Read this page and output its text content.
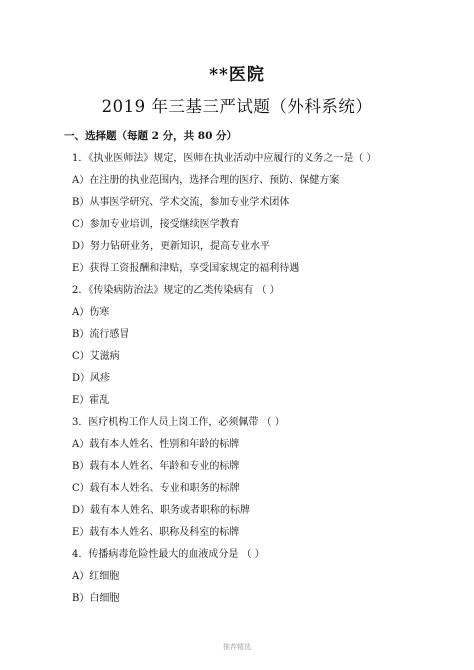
**医院
2019 年三基三严试题（外科系统）
一、选择题（每题 2 分，共 80 分）
1．《执业医师法》规定，医师在执业活动中应履行的义务之一是（ ）
A）在注册的执业范围内，选择合理的医疗、预防、保健方案
B）从事医学研究、学术交流，参加专业学术团体
C）参加专业培训，接受继续医学教育
D）努力钻研业务，更新知识，提高专业水平
E）获得工资报酬和津贴，享受国家规定的福利待遇
2．《传染病防治法》规定的乙类传染病有 （ ）
A）伤寒
B）流行感冒
C）艾滋病
D）风疹
E）霍乱
3．医疗机构工作人员上岗工作，必须佩带 （ ）
A）载有本人姓名、性别和年龄的标牌
B）载有本人姓名、年龄和专业的标牌
C）载有本人姓名、专业和职务的标牌
D）载有本人姓名、职务或者职称的标牌
E）载有本人姓名、职称及科室的标牌
4．传播病毒危险性最大的血液成分是 （ ）
A）红细胞
B）白细胞
推荐精选
